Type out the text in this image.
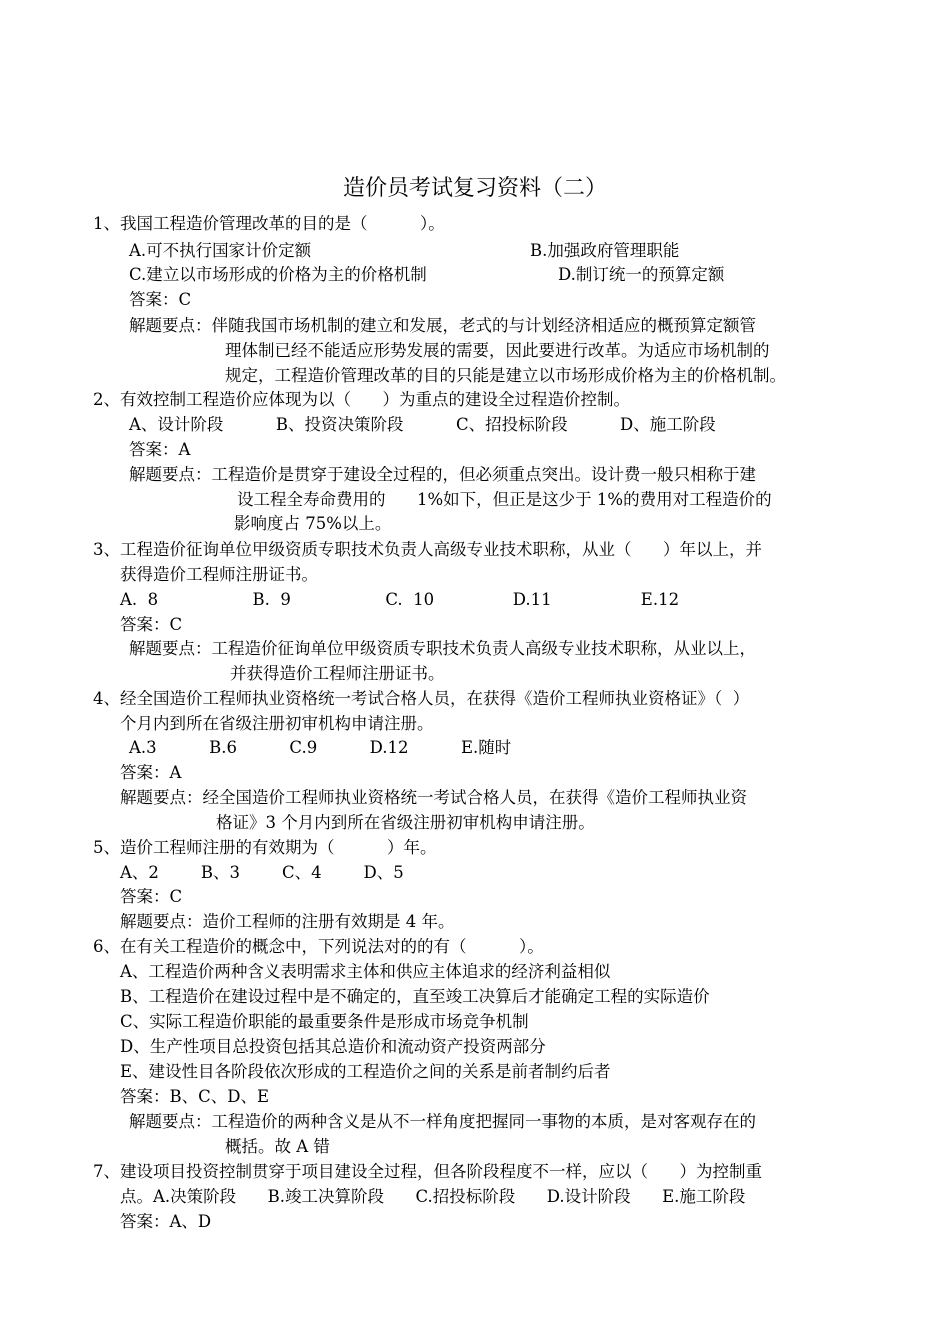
造价员考试复习资料（二）
1、我国工程造价管理改革的目的是（          ）。
A.可不执行国家计价定额	B.加强政府管理职能
C.建立以市场形成的价格为主的价格机制	D.制订统一的预算定额
答案：C
解题要点：伴随我国市场机制的建立和发展，老式的与计划经济相适应的概预算定额管
理体制已经不能适应形势发展的需要，因此要进行改革。为适应市场机制的
规定，工程造价管理改革的目的只能是建立以市场形成价格为主的价格机制。
2、有效控制工程造价应体现为以（      ）为重点的建设全过程造价控制。
A、设计阶段          B、投资决策阶段          C、招投标阶段          D、施工阶段
答案：A
解题要点：工程造价是贯穿于建设全过程的，但必须重点突出。设计费一般只相称于建
设工程全寿命费用的      1%如下，但正是这少于 1%的费用对工程造价的
影响度占 75%以上。
3、工程造价征询单位甲级资质专职技术负责人高级专业技术职称，从业（      ）年以上，并
获得造价工程师注册证书。
A.  8                  B.  9                  C.  10               D.11                 E.12
答案：C
解题要点：工程造价征询单位甲级资质专职技术负责人高级专业技术职称，从业以上，
并获得造价工程师注册证书。
4、经全国造价工程师执业资格统一考试合格人员，在获得《造价工程师执业资格证》（  ）
个月内到所在省级注册初审机构申请注册。
A.3          B.6          C.9          D.12          E.随时
答案：A
解题要点：经全国造价工程师执业资格统一考试合格人员，在获得《造价工程师执业资
格证》3 个月内到所在省级注册初审机构申请注册。
5、造价工程师注册的有效期为（          ）年。
A、2        B、3        C、4        D、5
答案：C
解题要点：造价工程师的注册有效期是 4 年。
6、在有关工程造价的概念中，下列说法对的的有（          ）。
A、工程造价两种含义表明需求主体和供应主体追求的经济利益相似
B、工程造价在建设过程中是不确定的，直至竣工决算后才能确定工程的实际造价
C、实际工程造价职能的最重要条件是形成市场竞争机制
D、生产性项目总投资包括其总造价和流动资产投资两部分
E、建设性目各阶段依次形成的工程造价之间的关系是前者制约后者
答案：B、C、D、E
解题要点：工程造价的两种含义是从不一样角度把握同一事物的本质，是对客观存在的
概括。故 A 错
7、建设项目投资控制贯穿于项目建设全过程，但各阶段程度不一样，应以（      ）为控制重
点。A.决策阶段      B.竣工决算阶段      C.招投标阶段      D.设计阶段      E.施工阶段
答案：A、D
